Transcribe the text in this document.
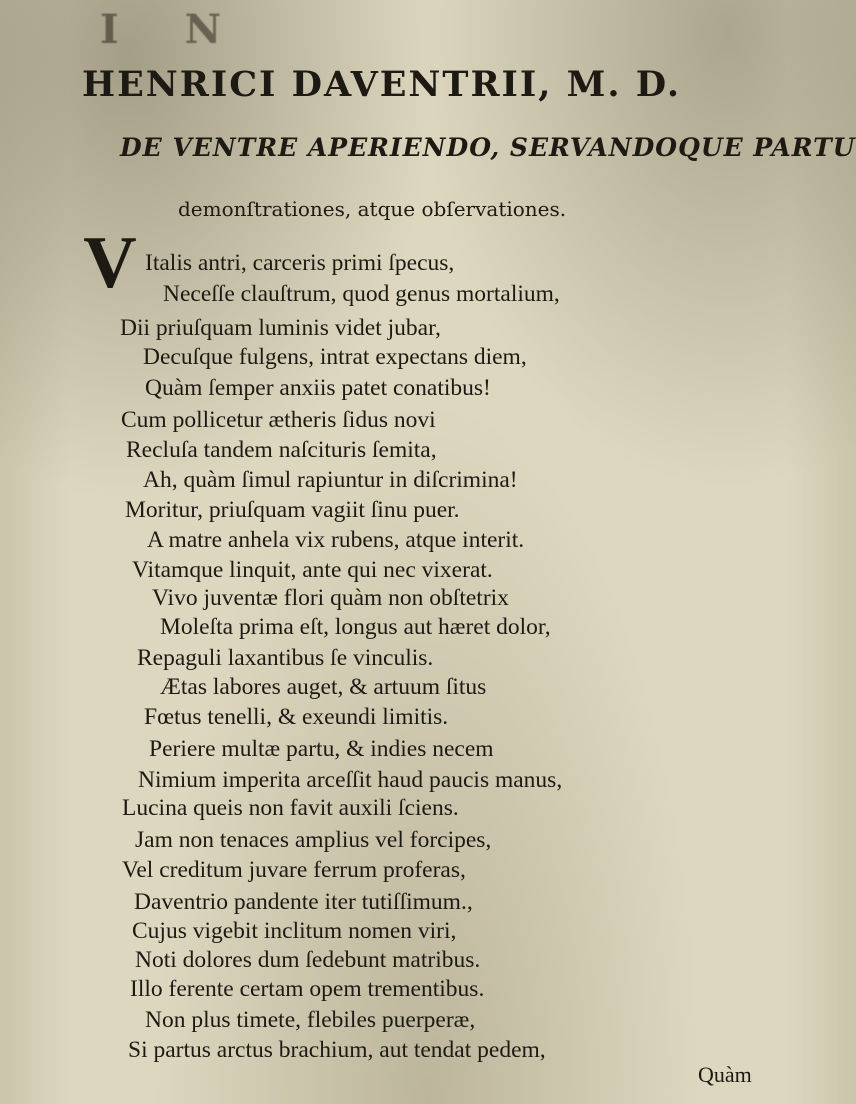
I N
HENRICI DAVENTRII, M. D.
DE VENTRE APERIENDO, SERVANDOQUE PARTU
demonſtrationes, atque obſervationes.
V Italis antri, carceris primi ſpecus,
Neceſſe clauſtrum, quod genus mortalium,
Dii priuſquam luminis videt jubar,
Decuſque fulgens, intrat expectans diem,
Quàm ſemper anxiis patet conatibus!
Cum pollicetur ætheris ſidus novi
Recluſa tandem naſcituris ſemita,
Ah, quàm ſimul rapiuntur in diſcrimina!
Moritur, priuſquam vagiit ſinu puer.
A matre anhela vix rubens, atque interit.
Vitamque linquit, ante qui nec vixerat.
Vivo juventæ flori quàm non obſtetrix
Moleſta prima eſt, longus aut hæret dolor,
Repaguli laxantibus ſe vinculis.
Ætas labores auget, & artuum ſitus
Fœtus tenelli, & exeundi limitis.
Periere multæ partu, & indies necem
Nimium imperita arceſſit haud paucis manus,
Lucina queis non favit auxili ſciens.
Jam non tenaces amplius vel forcipes,
Vel creditum juvare ferrum proferas,
Daventrio pandente iter tutiſſimum.,
Cujus vigebit inclitum nomen viri,
Noti dolores dum ſedebunt matribus.
Illo ferente certam opem trementibus.
Non plus timete, flebiles puerperæ,
Si partus arctus brachium, aut tendat pedem,
Quàm
